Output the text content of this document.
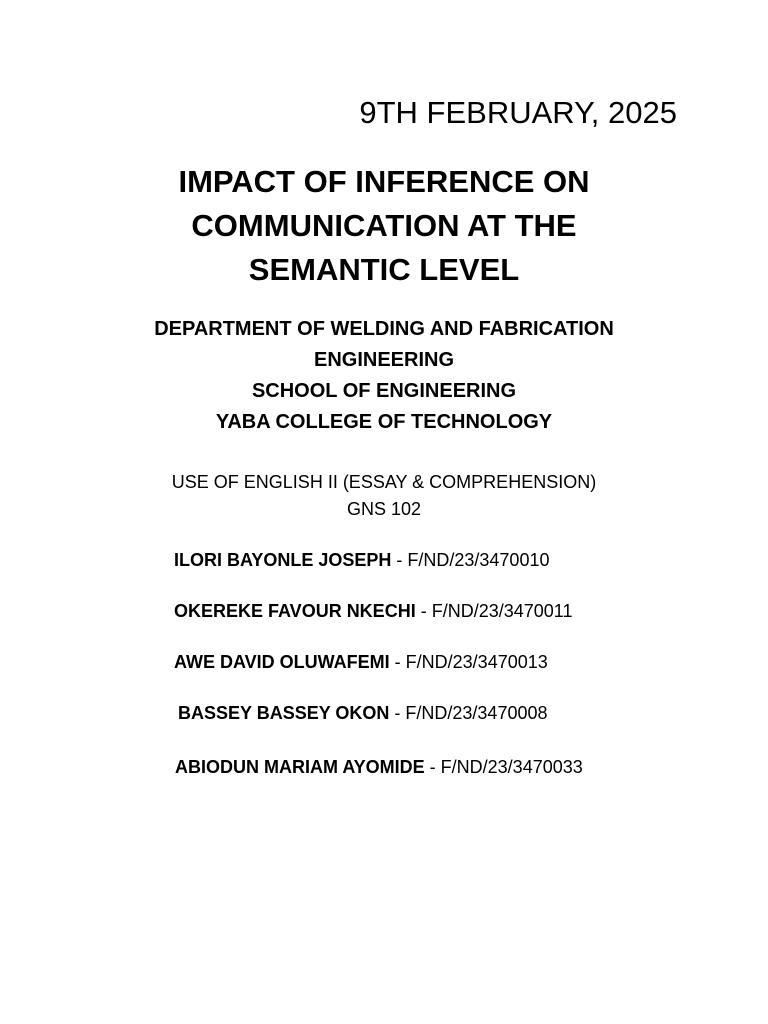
9TH FEBRUARY, 2025
IMPACT OF INFERENCE ON
COMMUNICATION AT THE
SEMANTIC LEVEL
DEPARTMENT OF WELDING AND FABRICATION
ENGINEERING
SCHOOL OF ENGINEERING
YABA COLLEGE OF TECHNOLOGY
USE OF ENGLISH II (ESSAY & COMPREHENSION)
GNS 102
ILORI BAYONLE JOSEPH - F/ND/23/3470010
OKEREKE FAVOUR NKECHI - F/ND/23/3470011
AWE DAVID OLUWAFEMI - F/ND/23/3470013
BASSEY BASSEY OKON - F/ND/23/3470008
ABIODUN MARIAM AYOMIDE - F/ND/23/3470033
